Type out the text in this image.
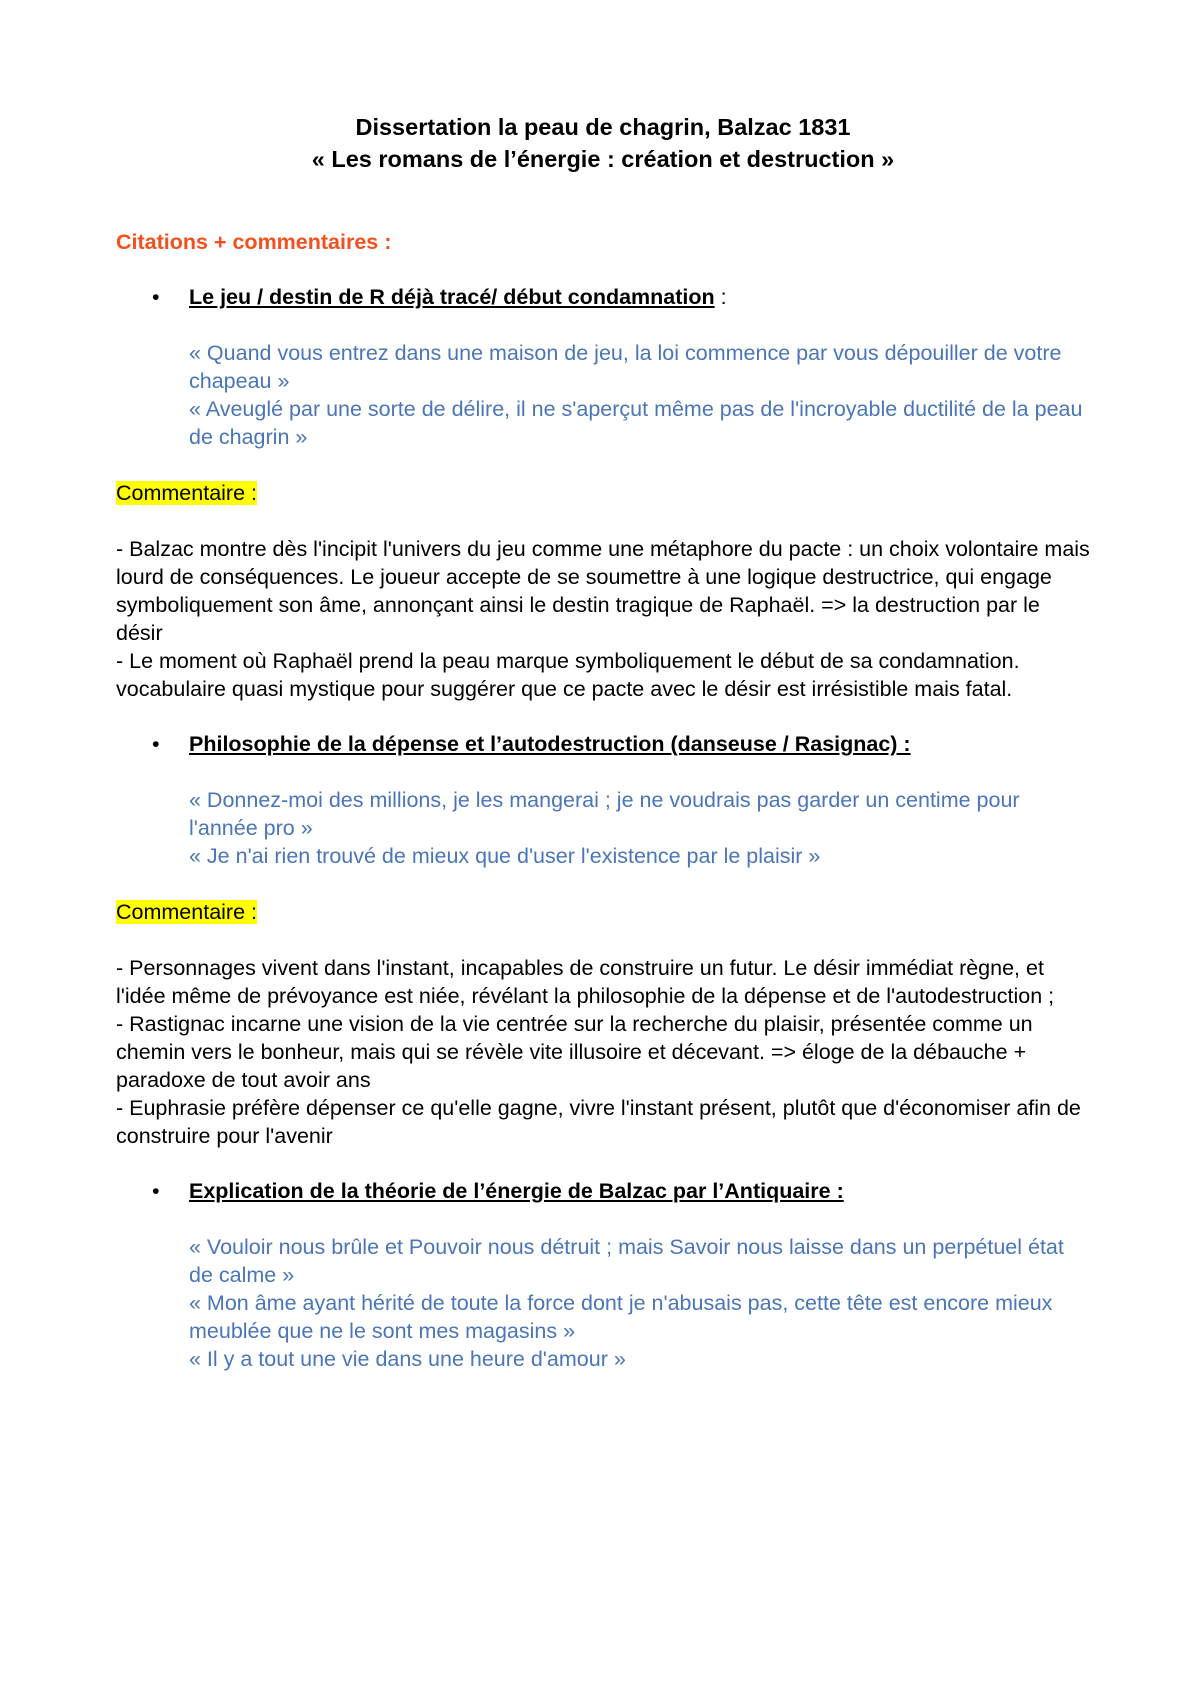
Dissertation la peau de chagrin, Balzac 1831
« Les romans de l’énergie : création et destruction »
Citations + commentaires :
• Le jeu / destin de R déjà tracé/ début condamnation :

« Quand vous entrez dans une maison de jeu, la loi commence par vous dépouiller de votre chapeau »

« Aveuglé par une sorte de délire, il ne s'aperçut même pas de l'incroyable ductilité de la peau de chagrin »

Commentaire :

- Balzac montre dès l'incipit l'univers du jeu comme une métaphore du pacte : un choix volontaire mais lourd de conséquences. Le joueur accepte de se soumettre à une logique destructrice, qui engage symboliquement son âme, annonçant ainsi le destin tragique de Raphaël. => la destruction par le désir

- Le moment où Raphaël prend la peau marque symboliquement le début de sa condamnation. vocabulaire quasi mystique pour suggérer que ce pacte avec le désir est irrésistible mais fatal.

• Philosophie de la dépense et l’autodestruction (danseuse / Rasignac) :

« Donnez-moi des millions, je les mangerai ; je ne voudrais pas garder un centime pour l'année pro »

« Je n'ai rien trouvé de mieux que d'user l'existence par le plaisir »

Commentaire :

- Personnages vivent dans l'instant, incapables de construire un futur. Le désir immédiat règne, et l'idée même de prévoyance est niée, révélant la philosophie de la dépense et de l'autodestruction ;

- Rastignac incarne une vision de la vie centrée sur la recherche du plaisir, présentée comme un chemin vers le bonheur, mais qui se révèle vite illusoire et décevant. => éloge de la débauche + paradoxe de tout avoir ans

- Euphrasie préfère dépenser ce qu'elle gagne, vivre l'instant présent, plutôt que d'économiser afin de construire pour l'avenir

• Explication de la théorie de l’énergie de Balzac par l’Antiquaire :

« Vouloir nous brûle et Pouvoir nous détruit ; mais Savoir nous laisse dans un perpétuel état de calme »

« Mon âme ayant hérité de toute la force dont je n'abusais pas, cette tête est encore mieux meublée que ne le sont mes magasins »

« Il y a tout une vie dans une heure d'amour »
